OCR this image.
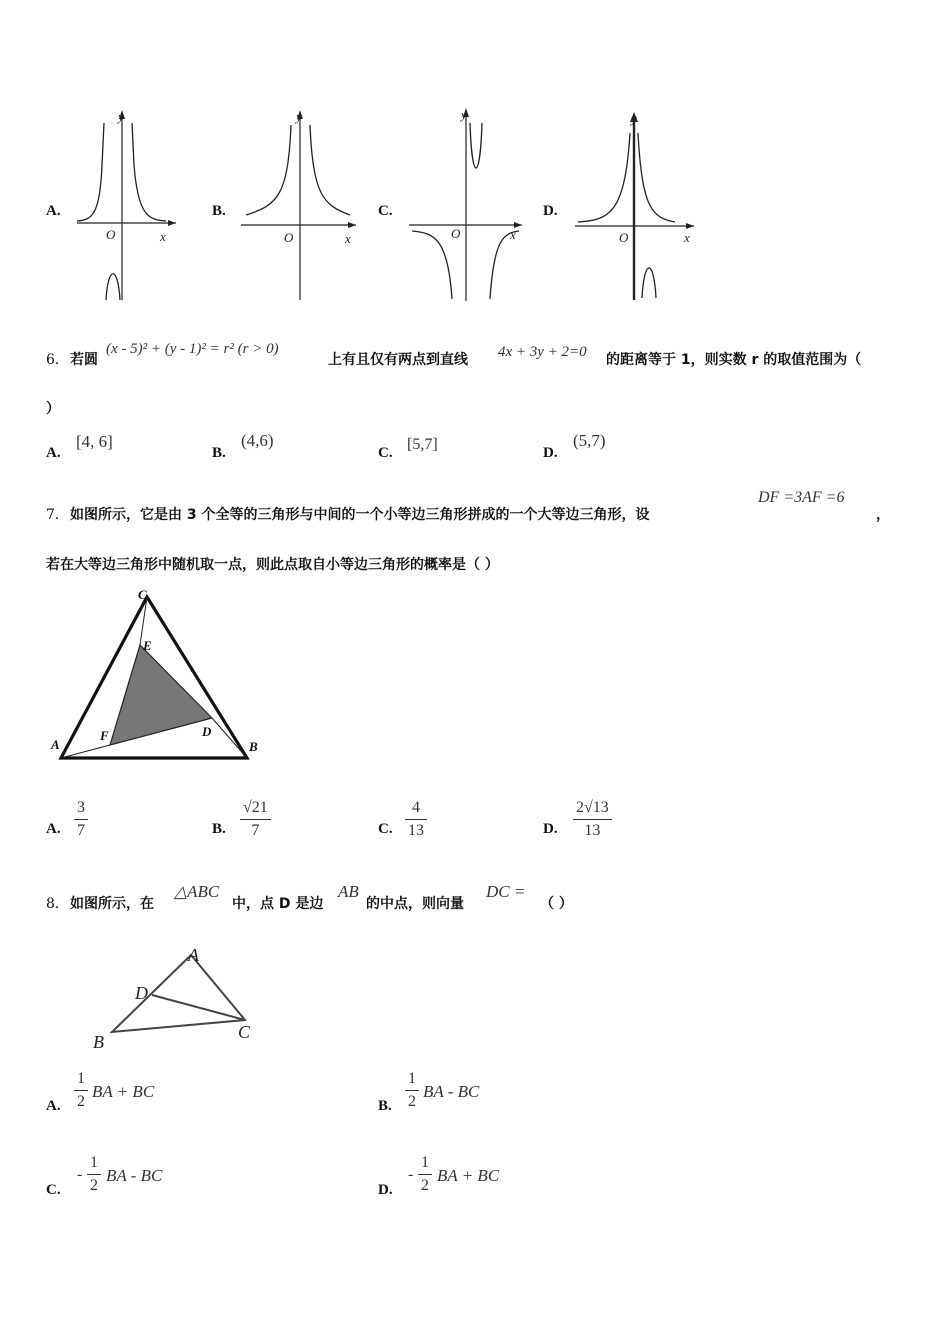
A.
y
x
O
B.
y
x
O
C.
y
x
O
D.
y
x
O
6． 若圆
(x - 5)² + (y - 1)² = r² (r > 0)
上有且仅有两点到直线 4x + 3y + 2=0 的距离等于 1，则实数 r 的取值范围为（
）
A.
[4, 6]
B.
(4,6)
C. [5,7]	D.
(5,7)
7． 如图所示，它是由 3 个全等的三角形与中间的一个小等边三角形拼成的一个大等边三角形，设
DF =3AF =6
，
若在大等边三角形中随机取一点，则此点取自小等边三角形的概率是（ ）
C
E
A
F	D
B
A.
3
7	B.
√21
7	C.
4
13	D.
2√13
13
8． 如图所示，在
△ABC
中，点 D 是边
AB
的中点，则向量
DC =
（ ）
A
D
B	C
A.
1
2
BA + BC
B.
1
2
BA - BC
C.
-
1
2
BA - BC
D.
-
1
2
BA + BC
